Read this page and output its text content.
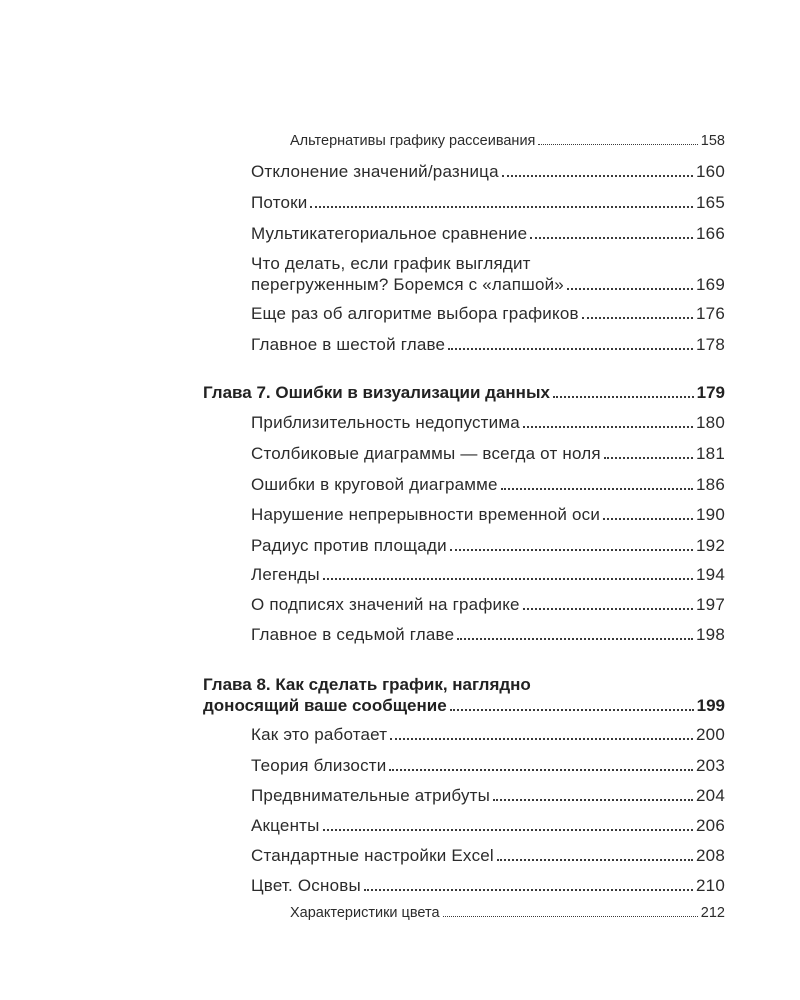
Альтернативы графику рассеивания	158
Отклонение значений/разница	160
Потоки	165
Мультикатегориальное сравнение	166
Что делать, если график выглядит
перегруженным? Боремся с «лапшой»	169
Еще раз об алгоритме выбора графиков	176
Главное в шестой главе	178
Глава 7. Ошибки в визуализации данных	179
Приблизительность недопустима	180
Столбиковые диаграммы — всегда от ноля	181
Ошибки в круговой диаграмме	186
Нарушение непрерывности временной оси	190
Радиус против площади	192
Легенды	194
О подписях значений на графике	197
Главное в седьмой главе	198
Глава 8. Как сделать график, наглядно
доносящий ваше сообщение	199
Как это работает	200
Теория близости	203
Предвнимательные атрибуты	204
Акценты	206
Стандартные настройки Excel	208
Цвет. Основы	210
Характеристики цвета	212
